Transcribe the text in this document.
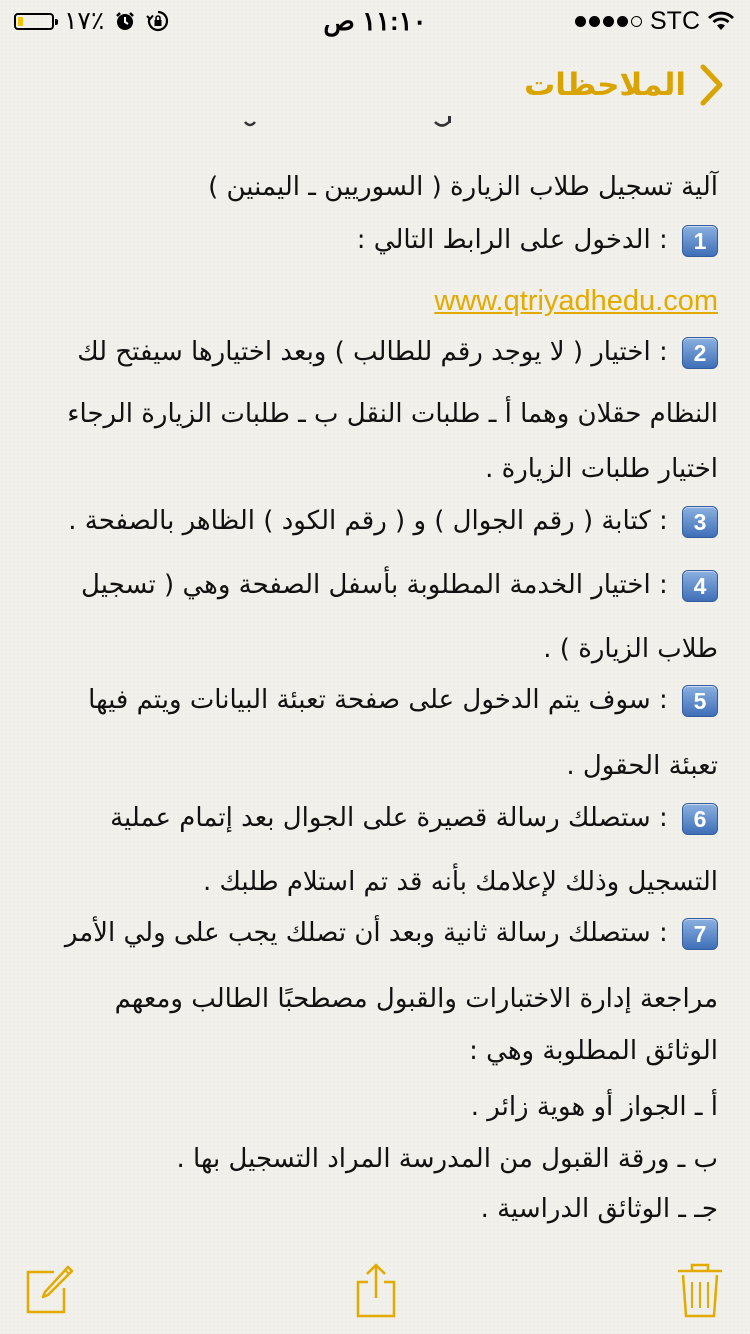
١٧٪	١١:١٠ ص	STC
الملاحظات
آلية تسجيل طلاب الزيارة ( السوريين ـ اليمنين )
1 : الدخول على الرابط التالي :
www.qtriyadhedu.com
2 : اختيار ( لا يوجد رقم للطالب ) وبعد اختيارها سيفتح لك
النظام حقلان وهما أ ـ طلبات النقل ب ـ طلبات الزيارة الرجاء
اختيار طلبات الزيارة .
3 : كتابة ( رقم الجوال ) و ( رقم الكود ) الظاهر بالصفحة .
4 : اختيار الخدمة المطلوبة بأسفل الصفحة وهي ( تسجيل
طلاب الزيارة ) .
5 : سوف يتم الدخول على صفحة تعبئة البيانات ويتم فيها
تعبئة الحقول .
6 : ستصلك رسالة قصيرة على الجوال بعد إتمام عملية
التسجيل وذلك لإعلامك بأنه قد تم استلام طلبك .
7 : ستصلك رسالة ثانية وبعد أن تصلك يجب على ولي الأمر
مراجعة إدارة الاختبارات والقبول مصطحبًا الطالب ومعهم
الوثائق المطلوبة وهي :
أ ـ الجواز أو هوية زائر .
ب ـ ورقة القبول من المدرسة المراد التسجيل بها .
جـ ـ الوثائق الدراسية .
